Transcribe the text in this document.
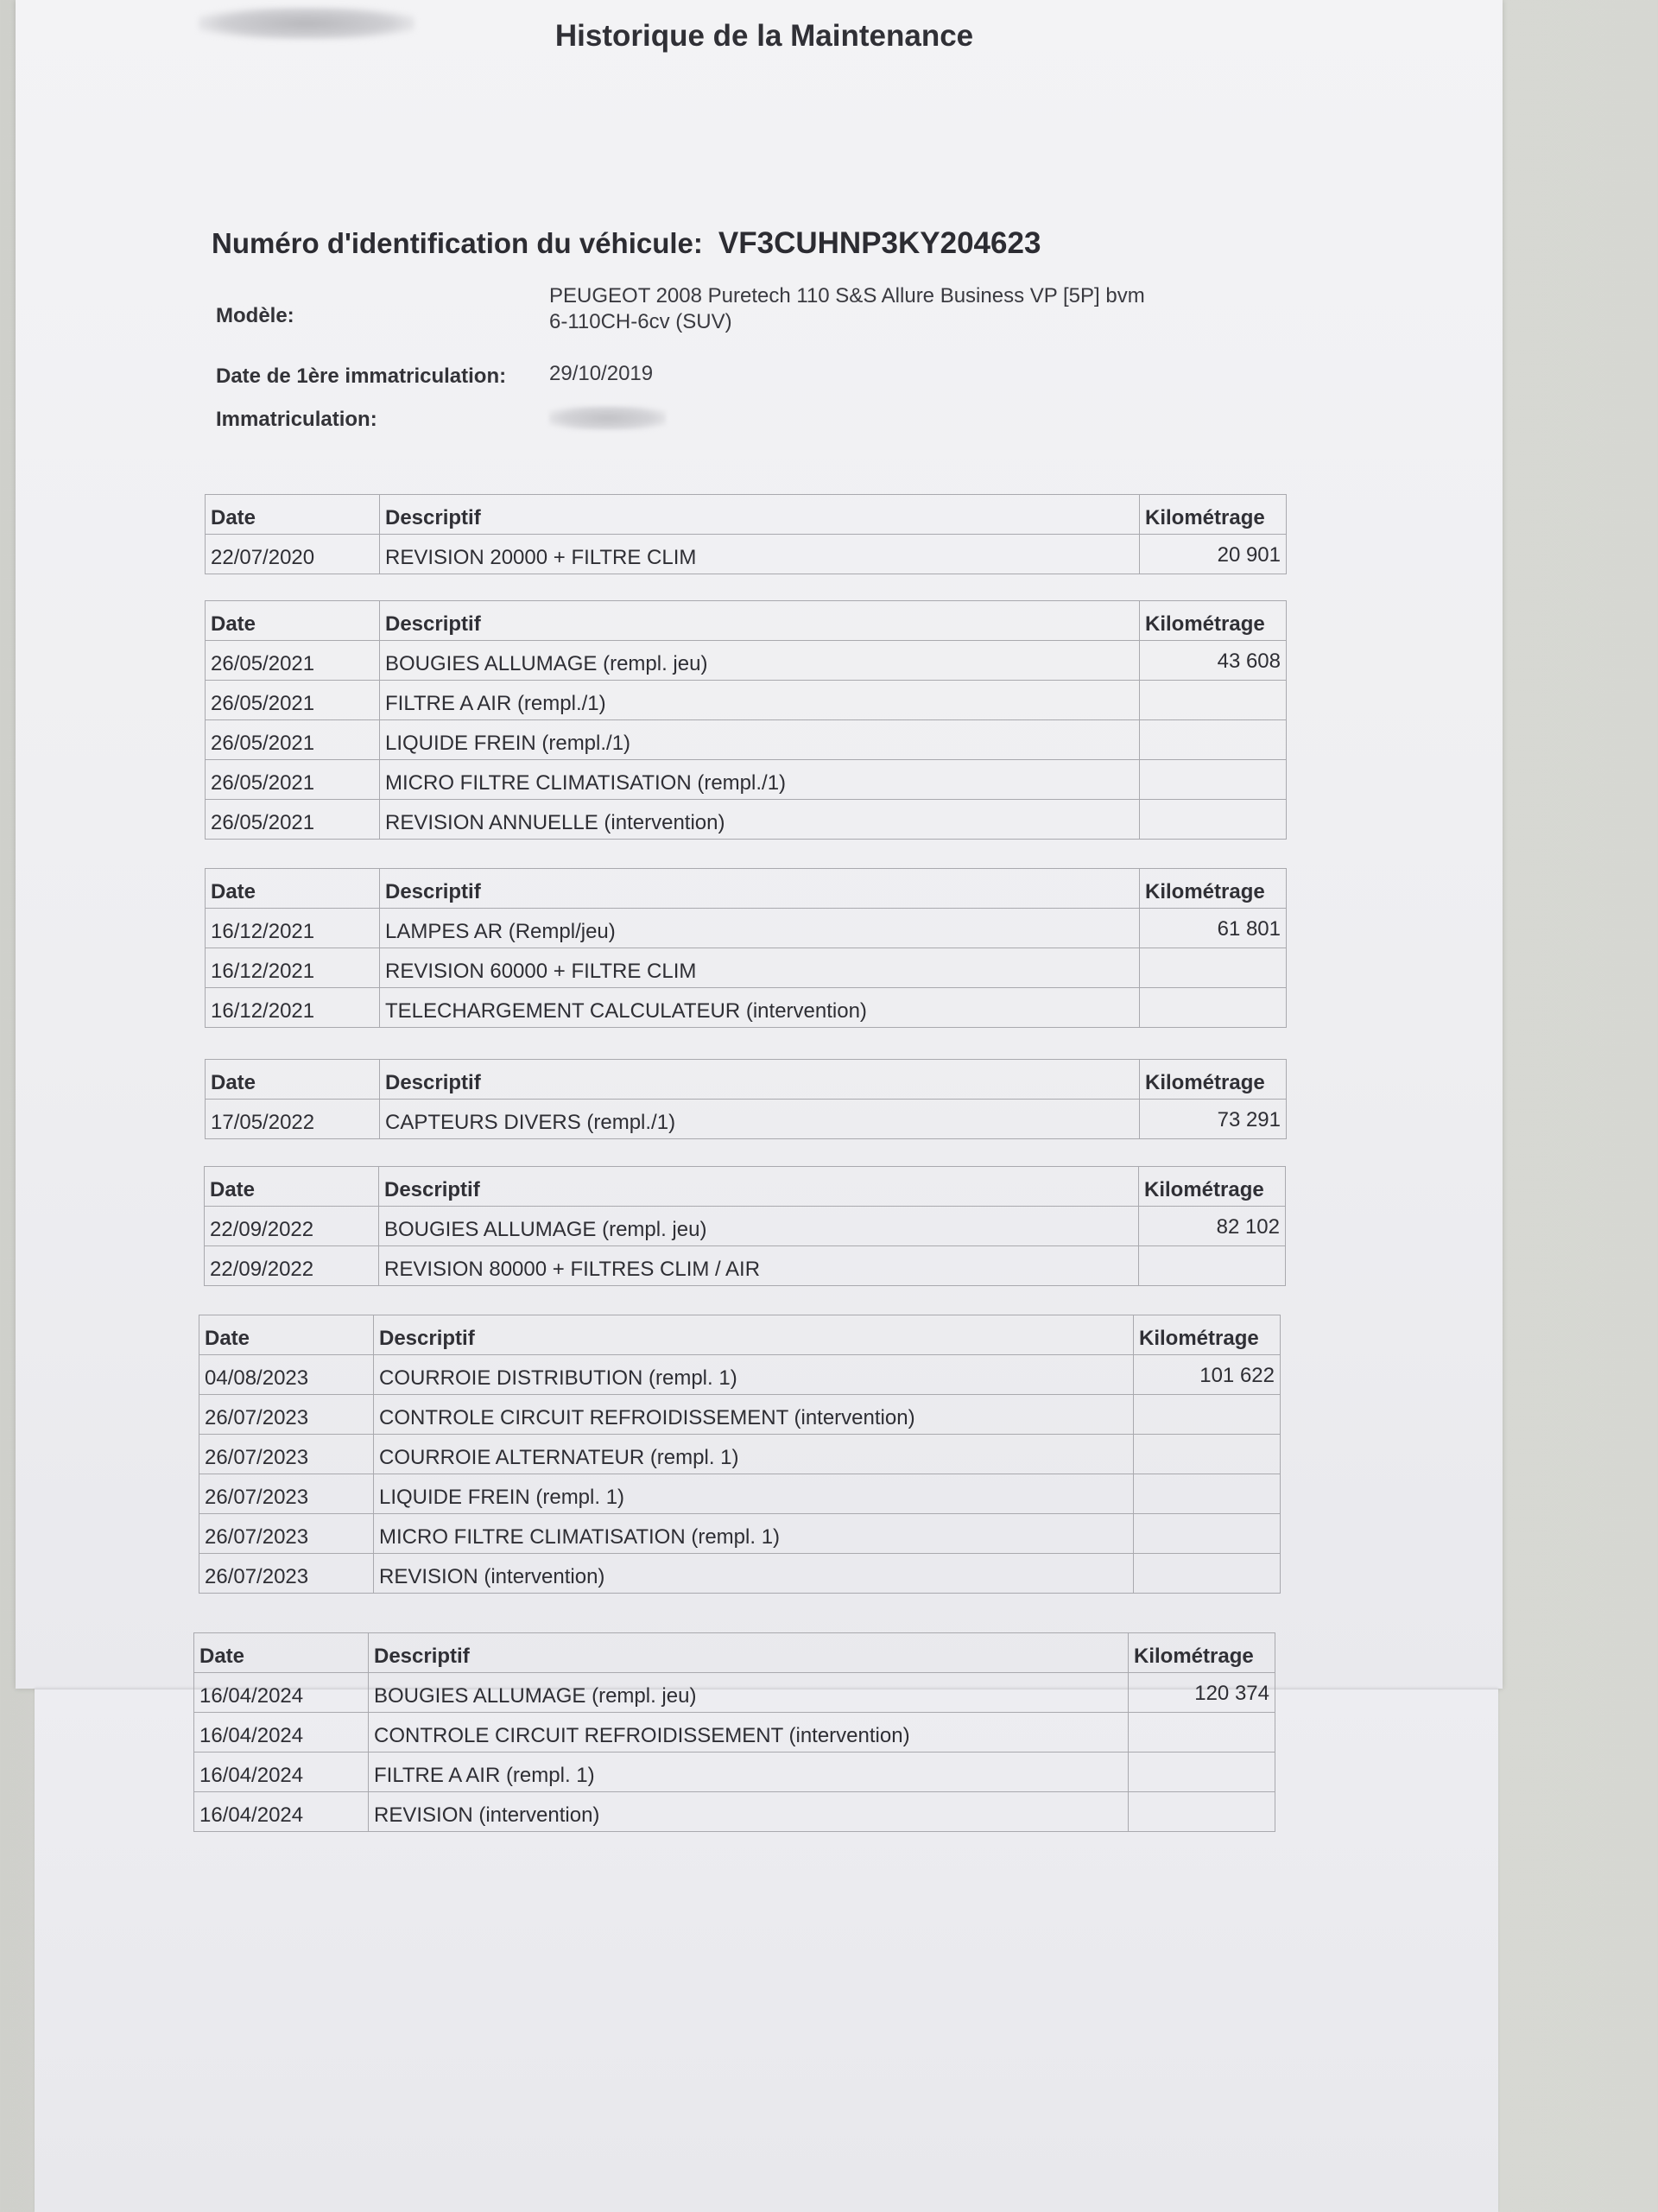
Historique de la Maintenance
Numéro d'identification du véhicule: VF3CUHNP3KY204623
Modèle:
PEUGEOT 2008 Puretech 110 S&S Allure Business VP [5P] bvm
6-110CH-6cv (SUV)
Date de 1ère immatriculation: 29/10/2019
Immatriculation:
Date	Descriptif	Kilométrage
22/07/2020	REVISION 20000 + FILTRE CLIM	20 901
Date	Descriptif	Kilométrage
26/05/2021	BOUGIES ALLUMAGE (rempl. jeu)	43 608
26/05/2021	FILTRE A AIR (rempl./1)	
26/05/2021	LIQUIDE FREIN (rempl./1)	
26/05/2021	MICRO FILTRE CLIMATISATION (rempl./1)	
26/05/2021	REVISION ANNUELLE (intervention)	
Date	Descriptif	Kilométrage
16/12/2021	LAMPES AR (Rempl/jeu)	61 801
16/12/2021	REVISION 60000 + FILTRE CLIM	
16/12/2021	TELECHARGEMENT CALCULATEUR (intervention)	
Date	Descriptif	Kilométrage
17/05/2022	CAPTEURS DIVERS (rempl./1)	73 291
Date	Descriptif	Kilométrage
22/09/2022	BOUGIES ALLUMAGE (rempl. jeu)	82 102
22/09/2022	REVISION 80000 + FILTRES CLIM / AIR	
Date	Descriptif	Kilométrage
04/08/2023	COURROIE DISTRIBUTION (rempl. 1)	101 622
26/07/2023	CONTROLE CIRCUIT REFROIDISSEMENT (intervention)	
26/07/2023	COURROIE ALTERNATEUR (rempl. 1)	
26/07/2023	LIQUIDE FREIN (rempl. 1)	
26/07/2023	MICRO FILTRE CLIMATISATION (rempl. 1)	
26/07/2023	REVISION (intervention)	
Date	Descriptif	Kilométrage
16/04/2024	BOUGIES ALLUMAGE (rempl. jeu)	120 374
16/04/2024	CONTROLE CIRCUIT REFROIDISSEMENT (intervention)	
16/04/2024	FILTRE A AIR (rempl. 1)	
16/04/2024	REVISION (intervention)	
